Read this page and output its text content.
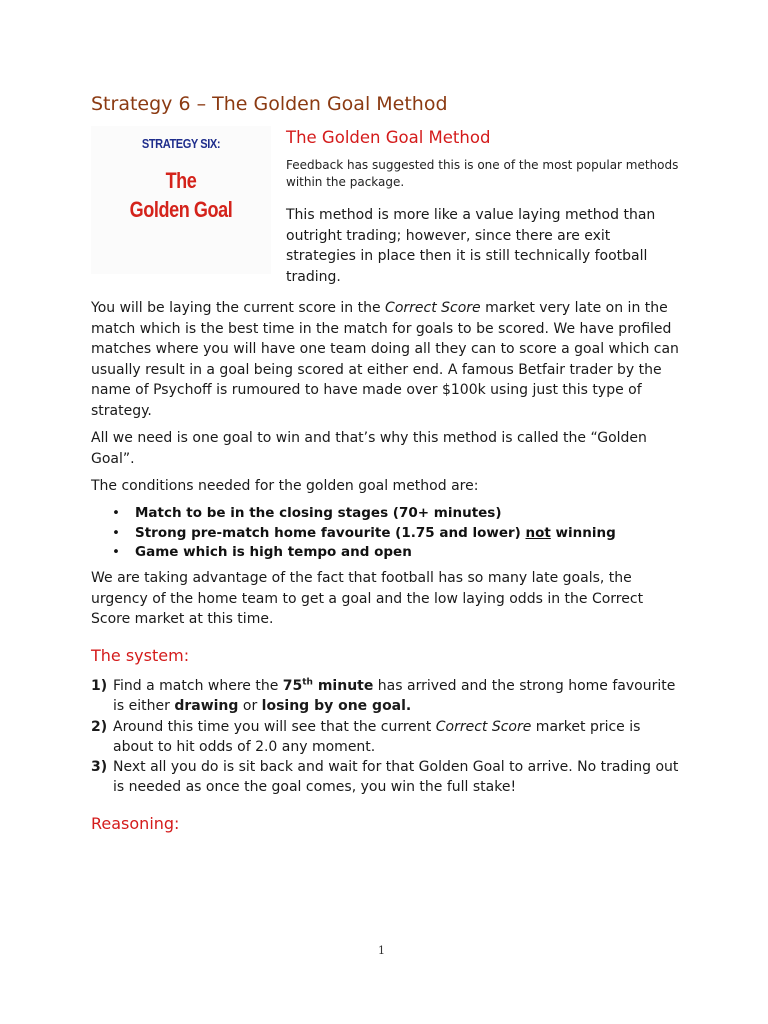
Strategy 6 – The Golden Goal Method
STRATEGY SIX:
The
Golden Goal
The Golden Goal Method

Feedback has suggested this is one of the most popular methods within the package.

This method is more like a value laying method than outright trading; however, since there are exit strategies in place then it is still technically football trading.

You will be laying the current score in the Correct Score market very late on in the match which is the best time in the match for goals to be scored. We have profiled matches where you will have one team doing all they can to score a goal which can usually result in a goal being scored at either end. A famous Betfair trader by the name of Psychoff is rumoured to have made over $100k using just this type of strategy.

All we need is one goal to win and that’s why this method is called the “Golden Goal”.

The conditions needed for the golden goal method are:

• Match to be in the closing stages (70+ minutes)
• Strong pre-match home favourite (1.75 and lower) not winning
• Game which is high tempo and open

We are taking advantage of the fact that football has so many late goals, the urgency of the home team to get a goal and the low laying odds in the Correct Score market at this time.

The system:
1) Find a match where the 75th minute has arrived and the strong home favourite is either drawing or losing by one goal.
2) Around this time you will see that the current Correct Score market price is about to hit odds of 2.0 any moment.
3) Next all you do is sit back and wait for that Golden Goal to arrive. No trading out is needed as once the goal comes, you win the full stake!
Reasoning:
1
